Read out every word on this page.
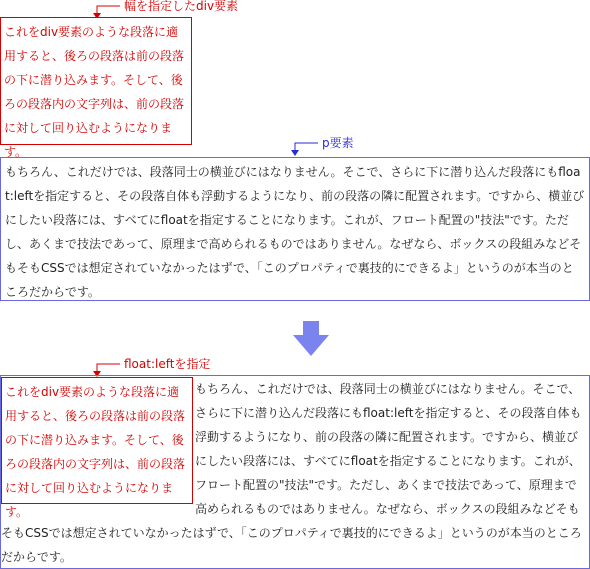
幅を指定したdiv要素
p要素
float:leftを指定
これをdiv要素のような段落に適用すると、後ろの段落は前の段落の下に潜り込みます。そして、後ろの段落内の文字列は、前の段落に対して回り込むようになります。
もちろん、これだけでは、段落同士の横並びにはなりません。そこで、さらに下に潜り込んだ段落にもfloat:leftを指定すると、その段落自体も浮動するようになり、前の段落の隣に配置されます。ですから、横並びにしたい段落には、すべてにfloatを指定することになります。これが、フロート配置の"技法"です。ただし、あくまで技法であって、原理まで高められるものではありません。なぜなら、ボックスの段組みなどそもそもCSSでは想定されていなかったはずで、「このプロパティで裏技的にできるよ」というのが本当のところだからです。
これをdiv要素のような段落に適用すると、後ろの段落は前の段落の下に潜り込みます。そして、後ろの段落内の文字列は、前の段落に対して回り込むようになります。
もちろん、これだけでは、段落同士の横並びにはなりません。そこで、さらに下に潜り込んだ段落にもfloat:leftを指定すると、その段落自体も浮動するようになり、前の段落の隣に配置されます。ですから、横並びにしたい段落には、すべてにfloatを指定することになります。これが、フロート配置の"技法"です。ただし、あくまで技法であって、原理まで高められるものではありません。なぜなら、ボックスの段組みなどそもそもCSSでは想定されていなかったはずで、「このプロパティで裏技的にできるよ」というのが本当のところだからです。
